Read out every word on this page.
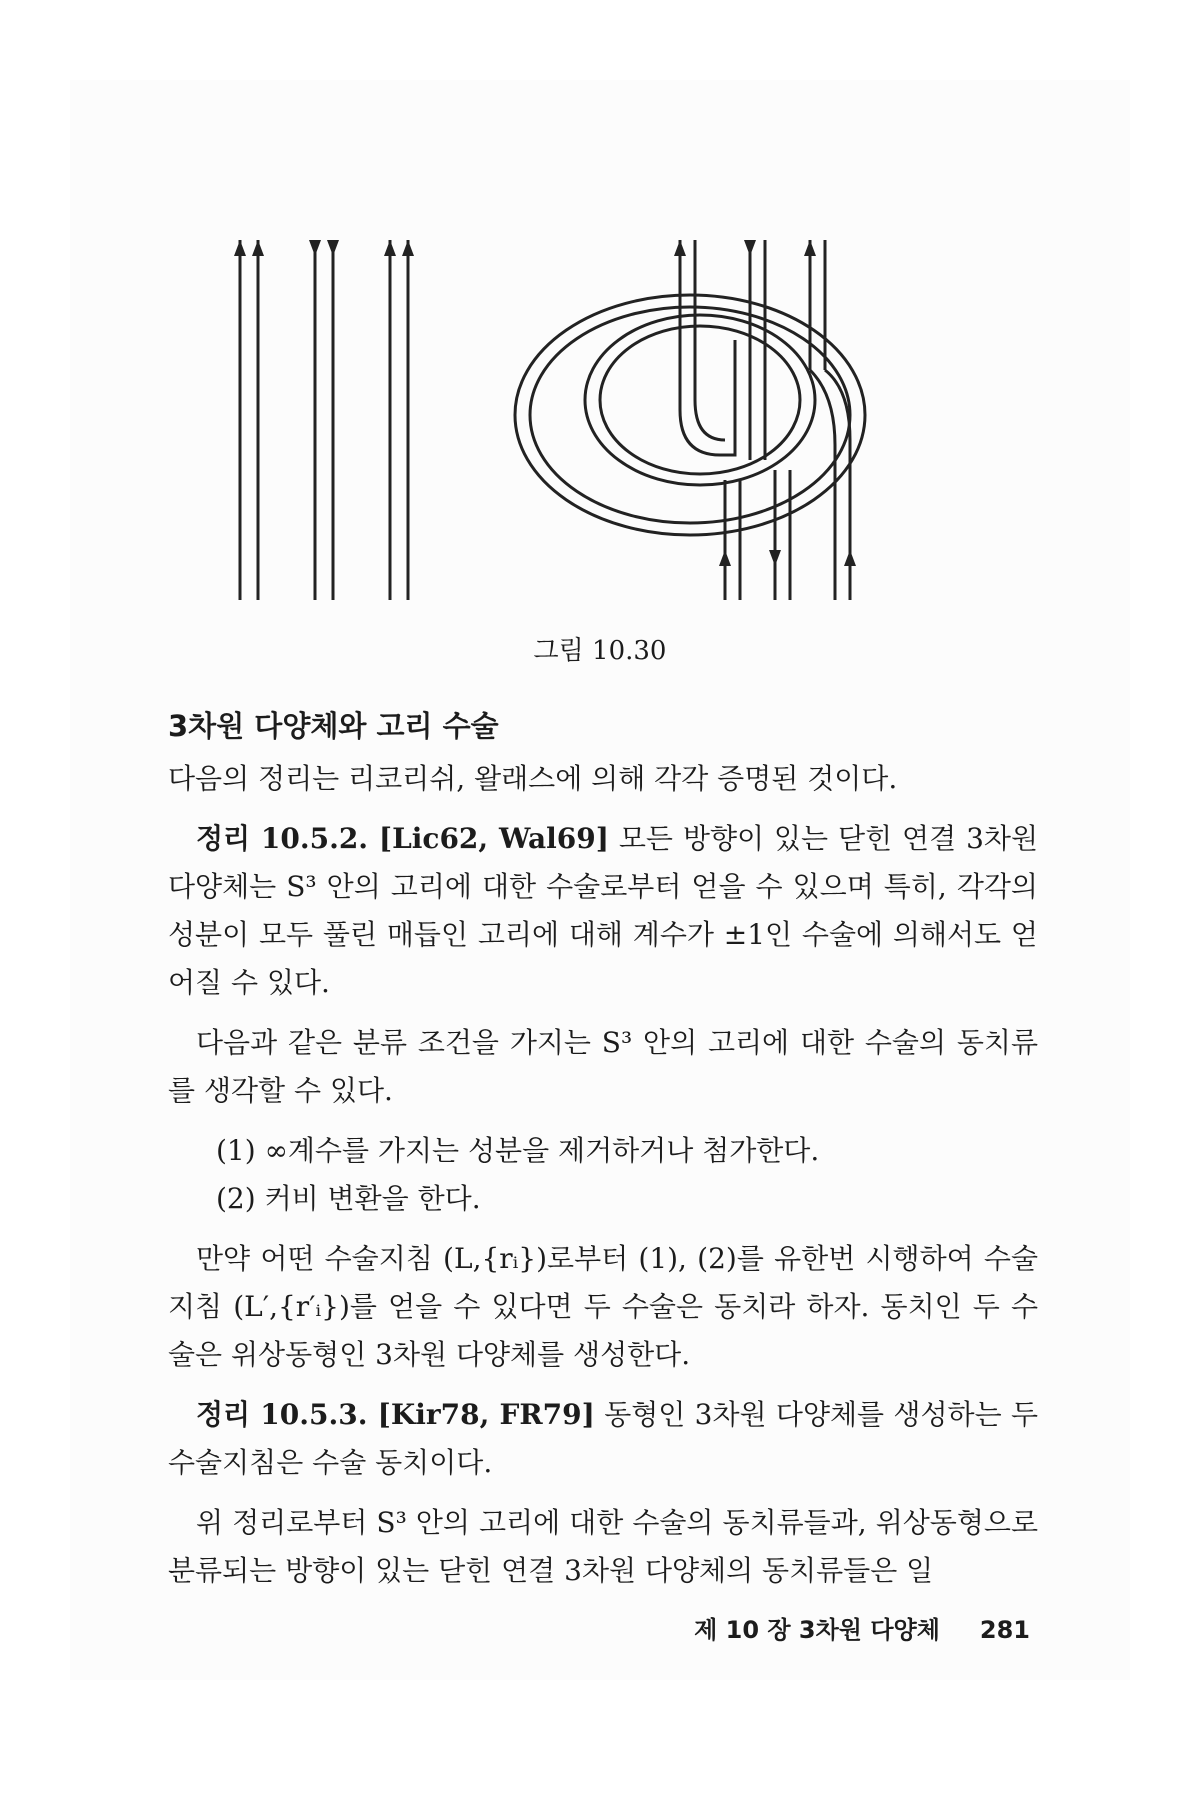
그림 10.30
3차원 다양체와 고리 수술

다음의 정리는 리코리쉬, 왈래스에 의해 각각 증명된 것이다.

정리 10.5.2. [Lic62, Wal69] 모든 방향이 있는 닫힌 연결 3차원 다양체는 S³ 안의 고리에 대한 수술로부터 얻을 수 있으며 특히, 각각의 성분이 모두 풀린 매듭인 고리에 대해 계수가 ±1인 수술에 의해서도 얻어질 수 있다.

다음과 같은 분류 조건을 가지는 S³ 안의 고리에 대한 수술의 동치류를 생각할 수 있다.

(1) ∞계수를 가지는 성분을 제거하거나 첨가한다.

(2) 커비 변환을 한다.

만약 어떤 수술지침 (L,{rᵢ})로부터 (1), (2)를 유한번 시행하여 수술지침 (L′,{r′ᵢ})를 얻을 수 있다면 두 수술은 동치라 하자. 동치인 두 수술은 위상동형인 3차원 다양체를 생성한다.

정리 10.5.3. [Kir78, FR79] 동형인 3차원 다양체를 생성하는 두 수술지침은 수술 동치이다.

위 정리로부터 S³ 안의 고리에 대한 수술의 동치류들과, 위상동형으로 분류되는 방향이 있는 닫힌 연결 3차원 다양체의 동치류들은 일

제 10 장 3차원 다양체 281
